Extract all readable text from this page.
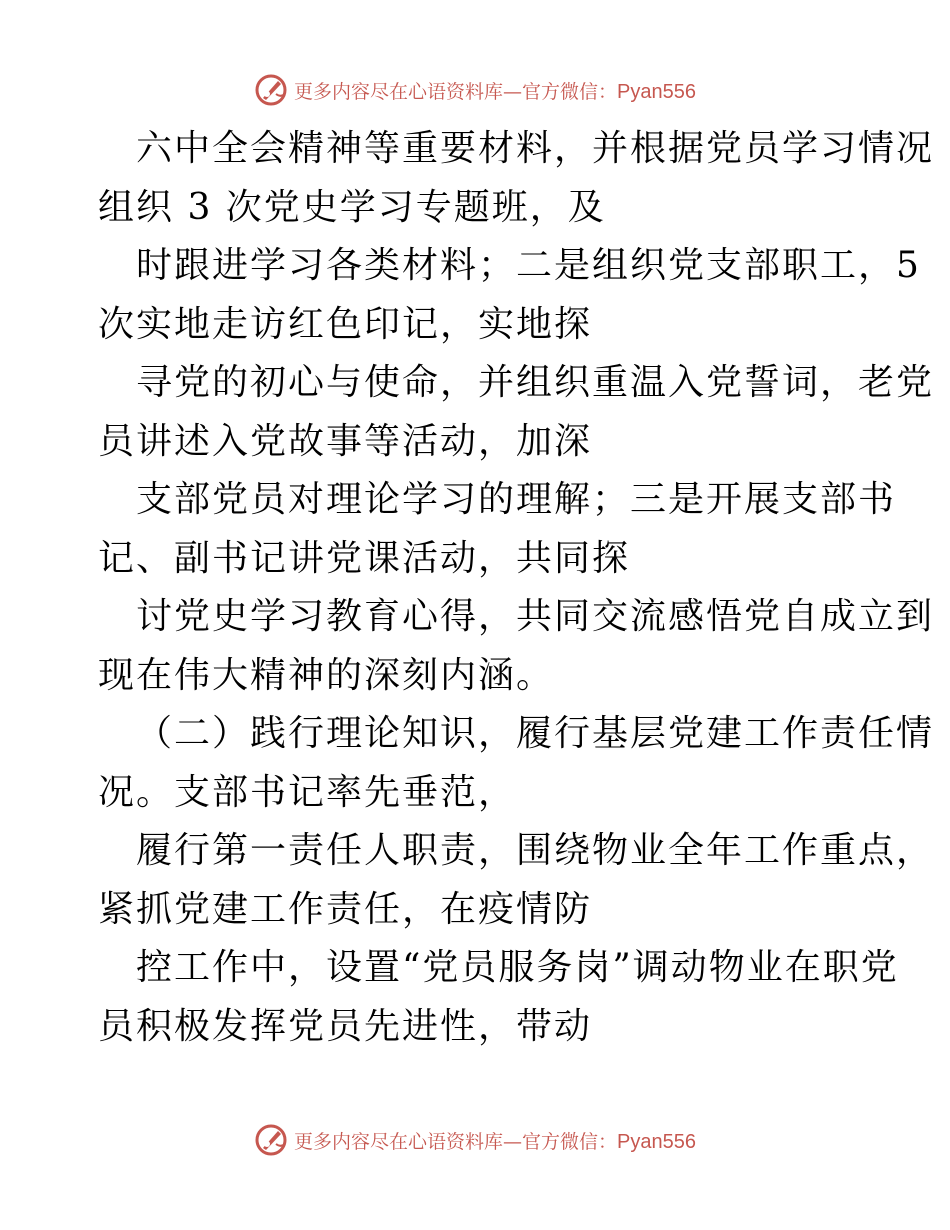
更多内容尽在心语资料库—官方微信：Pyan556
六中全会精神等重要材料，并根据党员学习情况
组织 3 次党史学习专题班，及
时跟进学习各类材料；二是组织党支部职工，5
次实地走访红色印记，实地探
寻党的初心与使命，并组织重温入党誓词，老党
员讲述入党故事等活动，加深
支部党员对理论学习的理解；三是开展支部书
记、副书记讲党课活动，共同探
讨党史学习教育心得，共同交流感悟党自成立到
现在伟大精神的深刻内涵。
（二）践行理论知识，履行基层党建工作责任情
况。支部书记率先垂范，
履行第一责任人职责，围绕物业全年工作重点，
紧抓党建工作责任，在疫情防
控工作中，设置“党员服务岗”调动物业在职党
员积极发挥党员先进性，带动
更多内容尽在心语资料库—官方微信：Pyan556
